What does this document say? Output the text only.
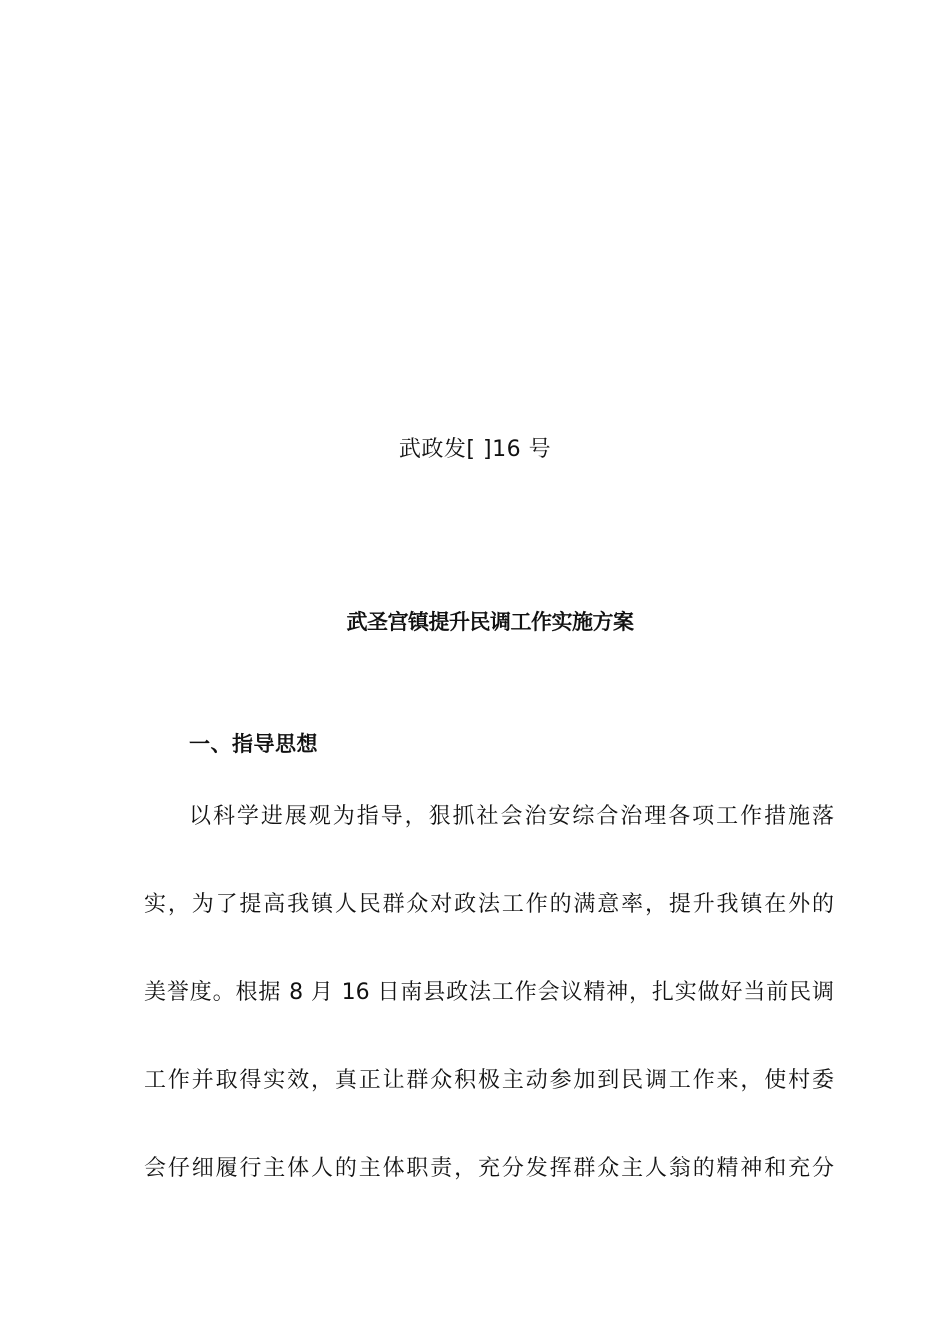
武政发[ ]16 号
武圣宫镇提升民调工作实施方案
一、指导思想
以科学进展观为指导，狠抓社会治安综合治理各项工作措施落
实，为了提高我镇人民群众对政法工作的满意率，提升我镇在外的
美誉度。根据 8 月 16 日南县政法工作会议精神，扎实做好当前民调
工作并取得实效，真正让群众积极主动参加到民调工作来，使村委
会仔细履行主体人的主体职责，充分发挥群众主人翁的精神和充分
